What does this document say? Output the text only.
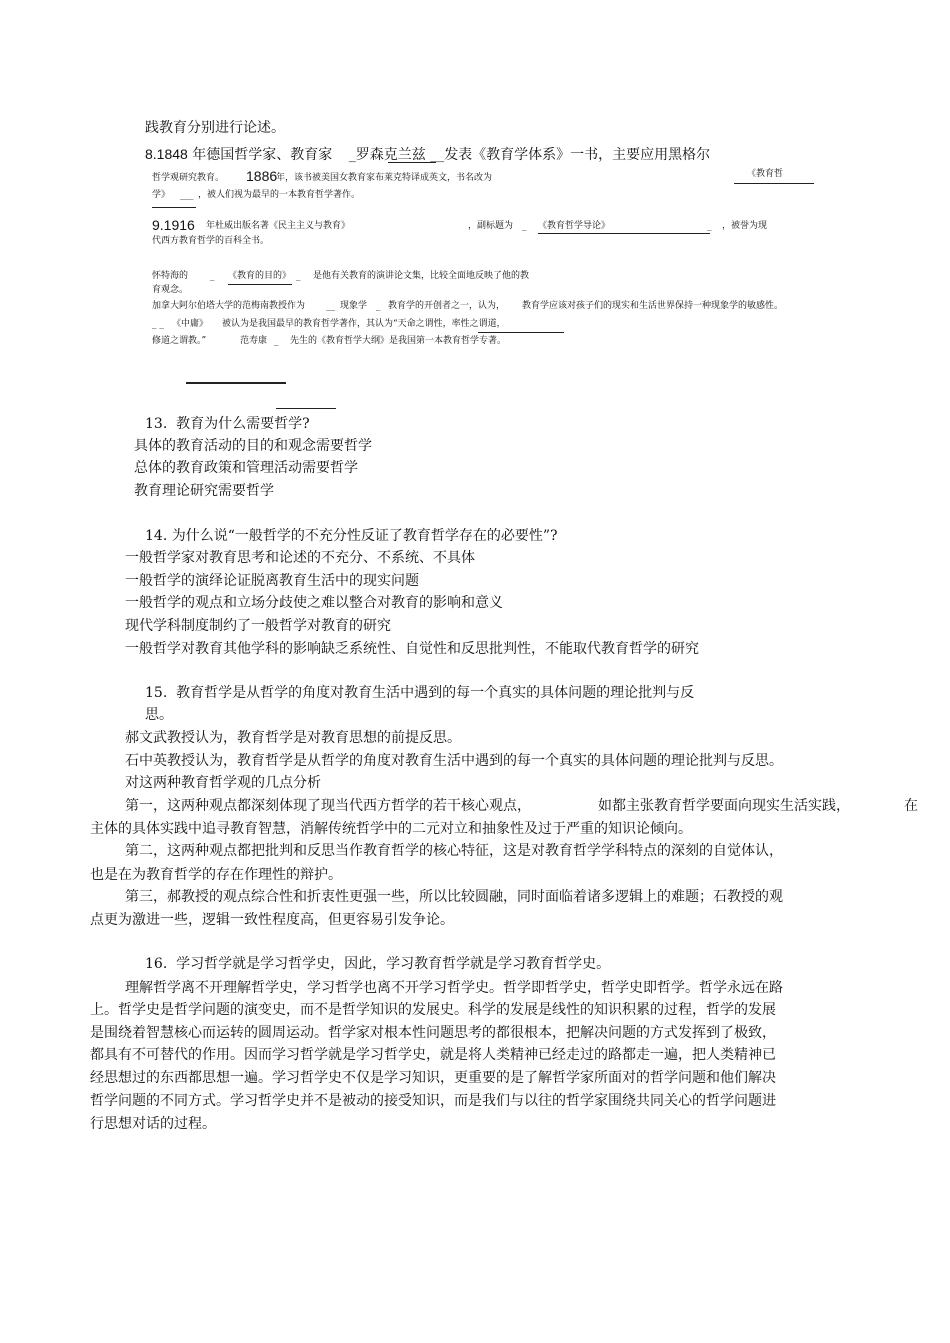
践教育分别进行论述。
8.1848 年德国哲学家、教育家 _罗森克兰兹 __发表《教育学体系》一书，主要应用黑格尔
哲学观研究教育。 1886
年，该书被美国女教育家布莱克特译成英文，书名改为	《教育哲
学》 ___ ，被人们视为最早的一本教育哲学著作。
9.1916 年杜威出版名著《民主主义与教育》	，副标题为 _ 《教育哲学导论》	_ ，被誉为现
代西方教育哲学的百科全书。
怀特海的 _ 《教育的目的》 _ 是他有关教育的演讲论文集，比较全面地反映了他的教
育观念。
加拿大阿尔伯塔大学的范梅南教授作为 __ 现象学 _ 教育学的开创者之一，认为， 教育学应该对孩子们的现实和生活世界保持一种现象学的敏感性。
_ _ 《中庸》 被认为是我国最早的教育哲学著作，其认为“天命之谓性，率性之谓道，
修道之谓教。”	范寿康 _ 先生的《教育哲学大纲》是我国第一本教育哲学专著。
13.  教育为什么需要哲学?
具体的教育活动的目的和观念需要哲学
总体的教育政策和管理活动需要哲学
教育理论研究需要哲学
14. 为什么说“一般哲学的不充分性反证了教育哲学存在的必要性”?
一般哲学家对教育思考和论述的不充分、不系统、不具体
一般哲学的演绎论证脱离教育生活中的现实问题
一般哲学的观点和立场分歧使之难以整合对教育的影响和意义
现代学科制度制约了一般哲学对教育的研究
一般哲学对教育其他学科的影响缺乏系统性、自觉性和反思批判性，不能取代教育哲学的研究
15.  教育哲学是从哲学的角度对教育生活中遇到的每一个真实的具体问题的理论批判与反
思。
郝文武教授认为，教育哲学是对教育思想的前提反思。
石中英教授认为，教育哲学是从哲学的角度对教育生活中遇到的每一个真实的具体问题的理论批判与反思。
对这两种教育哲学观的几点分析
第一，这两种观点都深刻体现了现当代西方哲学的若干核心观点，	如都主张教育哲学要面向现实生活实践，	在
主体的具体实践中追寻教育智慧，消解传统哲学中的二元对立和抽象性及过于严重的知识论倾向。
第二，这两种观点都把批判和反思当作教育哲学的核心特征，这是对教育哲学学科特点的深刻的自觉体认，
也是在为教育哲学的存在作理性的辩护。
第三，郝教授的观点综合性和折衷性更强一些，所以比较圆融，同时面临着诸多逻辑上的难题；石教授的观
点更为激进一些，逻辑一致性程度高，但更容易引发争论。
16.  学习哲学就是学习哲学史，因此，学习教育哲学就是学习教育哲学史。
理解哲学离不开理解哲学史，学习哲学也离不开学习哲学史。哲学即哲学史，哲学史即哲学。哲学永远在路
上。哲学史是哲学问题的演变史，而不是哲学知识的发展史。科学的发展是线性的知识积累的过程，哲学的发展
是围绕着智慧核心而运转的圆周运动。哲学家对根本性问题思考的都很根本，把解决问题的方式发挥到了极致，
都具有不可替代的作用。因而学习哲学就是学习哲学史，就是将人类精神已经走过的路都走一遍，把人类精神已
经思想过的东西都思想一遍。学习哲学史不仅是学习知识，更重要的是了解哲学家所面对的哲学问题和他们解决
哲学问题的不同方式。学习哲学史并不是被动的接受知识，而是我们与以往的哲学家围绕共同关心的哲学问题进
行思想对话的过程。
